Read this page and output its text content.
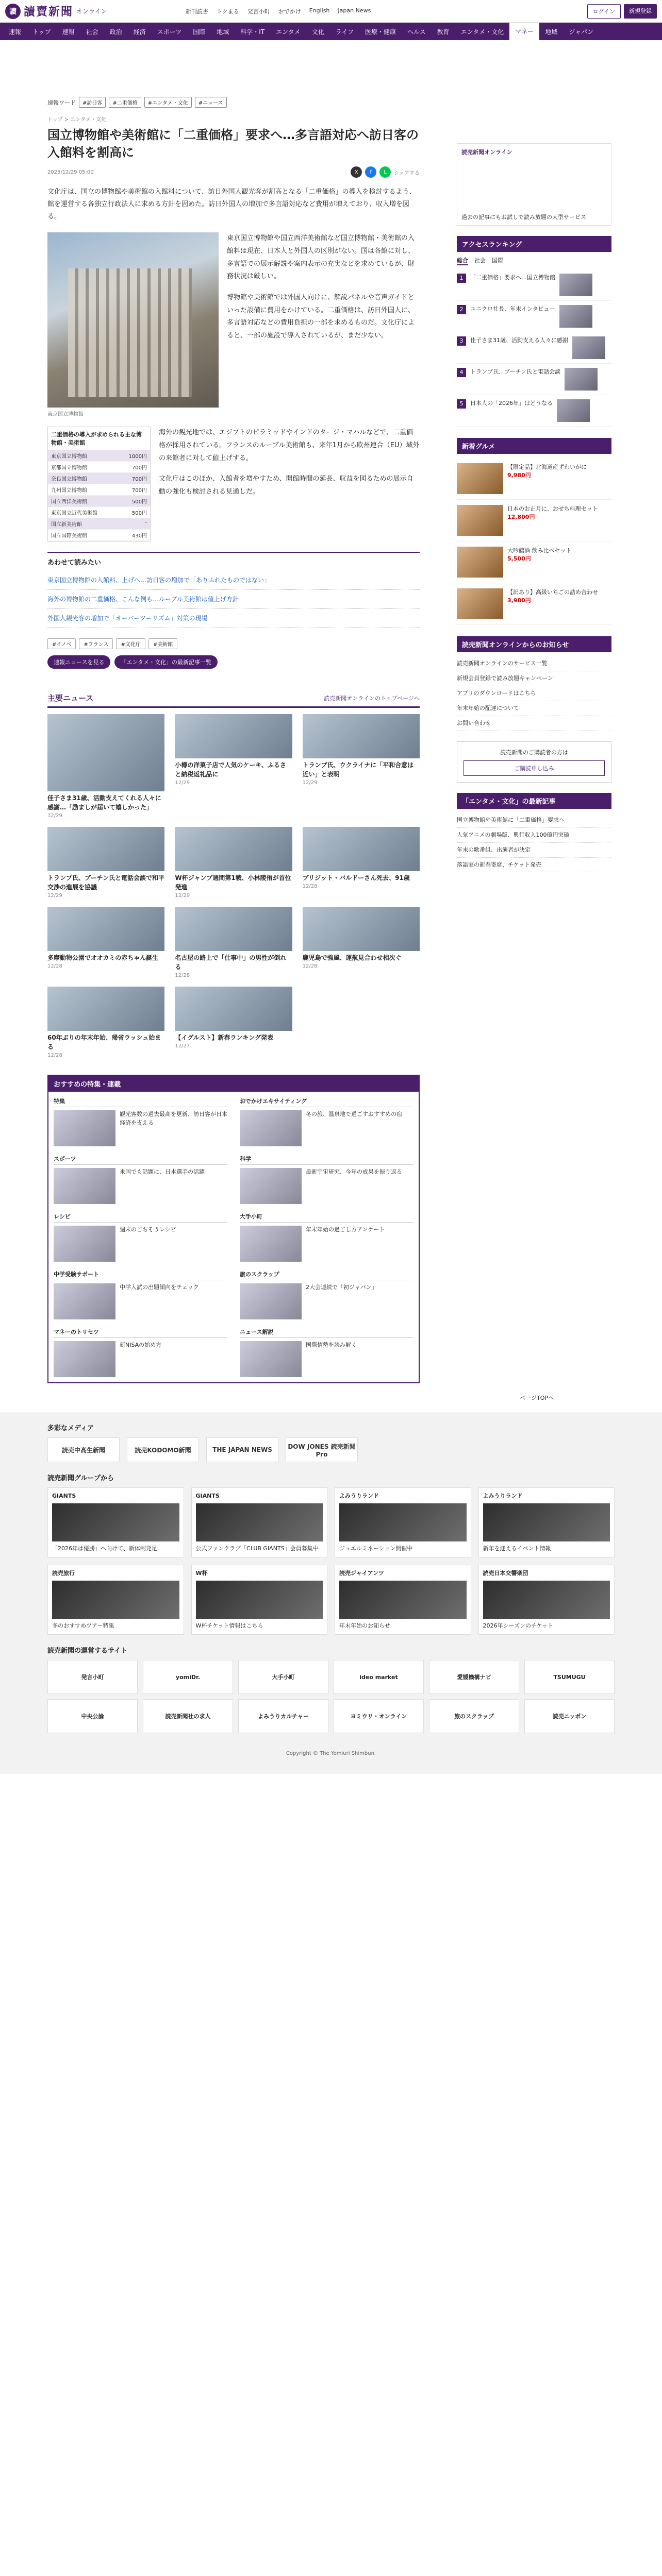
讀 讀賣新聞 オンライン	新刊読書 トクまる 発言小町 おでかけ English Japan News	ログイン	新規登録
速報	トップ	速報	社会	政治	経済	スポーツ	国際	地域	科学・IT	エンタメ	文化	ライフ	医療・健康	ヘルス	教育	エンタメ・文化	マネー	地域	ジャパン
速報ワード	#訪日客	#二重価格	#エンタメ・文化	#ニュース
トップ > エンタメ・文化
国立博物館や美術館に「二重価格」要求へ…多言語対応へ訪日客の入館料を割高に
2025/12/29 05:00	X	f	L	シェアする

文化庁は、国立の博物館や美術館の入館料について、訪日外国人観光客が割高となる「二重価格」の導入を検討するよう、館を運営する各独立行政法人に求める方針を固めた。訪日外国人の増加で多言語対応など費用が増えており、収入増を図る。

東京国立博物館

東京国立博物館や国立西洋美術館など国立博物館・美術館の入館料は現在、日本人と外国人の区別がない。国は各館に対し、多言語での展示解説や案内表示の充実などを求めているが、財務状況は厳しい。

博物館や美術館では外国人向けに、解説パネルや音声ガイドといった設備に費用をかけている。二重価格は、訪日外国人に、多言語対応などの費用負担の一部を求めるものだ。文化庁によると、一部の施設で導入されているが、まだ少ない。

二重価格の導入が求められる主な博物館・美術館
東京国立博物館	1000円
京都国立博物館	700円
奈良国立博物館	700円
九州国立博物館	700円
国立西洋美術館	500円
東京国立近代美術館	500円
国立新美術館	-
国立国際美術館	430円

海外の観光地では、エジプトのピラミッドやインドのタージ・マハルなどで、二重価格が採用されている。フランスのルーブル美術館も、来年1月から欧州連合（EU）域外の来館者に対して値上げする。

文化庁はこのほか、入館者を増やすため、開館時間の延長、収益を図るための展示自動の強化も検討される見通しだ。

あわせて読みたい
東京国立博物館の入館料、上げへ…訪日客の増加で「ありふれたものではない」
海外の博物館の二重価格、こんな例も…ルーブル美術館は値上げ方針
外国人観光客の増加で「オーバーツーリズム」対策の現場
#イノベ	#フランス	#文化庁	#美術館
速報ニュースを見る	「エンタメ・文化」の最新記事一覧
主要ニュース	読売新聞オンラインのトップページへ
佳子さま31歳、活動支えてくれる人々に感謝…「励ましが届いて嬉しかった」
12/29
小樽の洋菓子店で人気のケーキ、ふるさと納税返礼品に
12/29
トランプ氏、ウクライナに「平和合意は近い」と表明
12/29
トランプ氏、プーチン氏と電話会談で和平交渉の進展を協議
12/29
W杯ジャンプ週間第1戦、小林陵侑が首位発進
12/29
ブリジット・バルドーさん死去、91歳
12/28
多摩動物公園でオオカミの赤ちゃん誕生
12/28
名古屋の路上で「仕事中」の男性が倒れる
12/28
鹿児島で強風、運航見合わせ相次ぐ
12/28
60年ぶりの年末年始、帰省ラッシュ始まる
12/28
【イグルスト】新春ランキング発表
12/27
おすすめの特集・連載
特集
観光客数の過去最高を更新、訪日客が日本経済を支える
おでかけエキサイティング
冬の旅、温泉地で過ごすおすすめの宿
スポーツ
米国でも話題に、日本選手の活躍
科学
最新宇宙研究、今年の成果を振り返る
レシピ
週末のごちそうレシピ
大手小町
年末年始の過ごし方アンケート
中学受験サポート
中学入試の出題傾向をチェック
旅のスクラップ
2大会連続で「初ジャパン」
マネーのトリセツ
新NISAの始め方
ニュース解説
国際情勢を読み解く
読売新聞オンライン
過去の記事にもお試しで読み放題の大型サービス
アクセスランキング
総合 社会 国際
1	「二重価格」要求へ…国立博物館
2	ユニクロ社長、年末インタビュー
3	佳子さま31歳、活動支える人々に感謝
4	トランプ氏、プーチン氏と電話会談
5	日本人の「2026年」はどうなる
新着グルメ
【限定品】北海道産ずわいがに
9,980円
日本のお正月に、おせち料理セット
12,800円
大吟醸酒 飲み比べセット
5,500円
【訳あり】高級いちごの詰め合わせ
3,980円
読売新聞オンラインからのお知らせ
読売新聞オンラインのサービス一覧
新規会員登録で読み放題キャンペーン
アプリのダウンロードはこちら
年末年始の配達について
お問い合わせ
読売新聞のご購読者の方は
ご購読申し込み
「エンタメ・文化」の最新記事
国立博物館や美術館に「二重価格」要求へ
人気アニメの劇場版、興行収入100億円突破
年末の歌番組、出演者が決定
落語家の新春寄席、チケット発売
ページTOPへ
多彩なメディア
読売中高生新聞	読売KODOMO新聞	THE JAPAN NEWS	DOW JONES 読売新聞Pro
読売新聞グループから
GIANTS
「2026年は優勝」へ向けて、新体制発足
GIANTS
公式ファンクラブ「CLUB GIANTS」会員募集中
よみうりランド
ジュエルミネーション開催中
よみうりランド
新年を迎えるイベント情報
読売旅行
冬のおすすめツアー特集
W杯
W杯チケット情報はこちら
読売ジャイアンツ
年末年始のお知らせ
読売日本交響楽団
2026年シーズンのチケット
読売新聞の運営するサイト
発言小町	yomiDr.	大手小町	ideo market	愛媛機構ナビ	TSUMUGU
中央公論	読売新聞社の求人	よみうりカルチャー	ヨミウリ・オンライン	旅のスクラップ	読売ニッポン
Copyright © The Yomiuri Shimbun.
